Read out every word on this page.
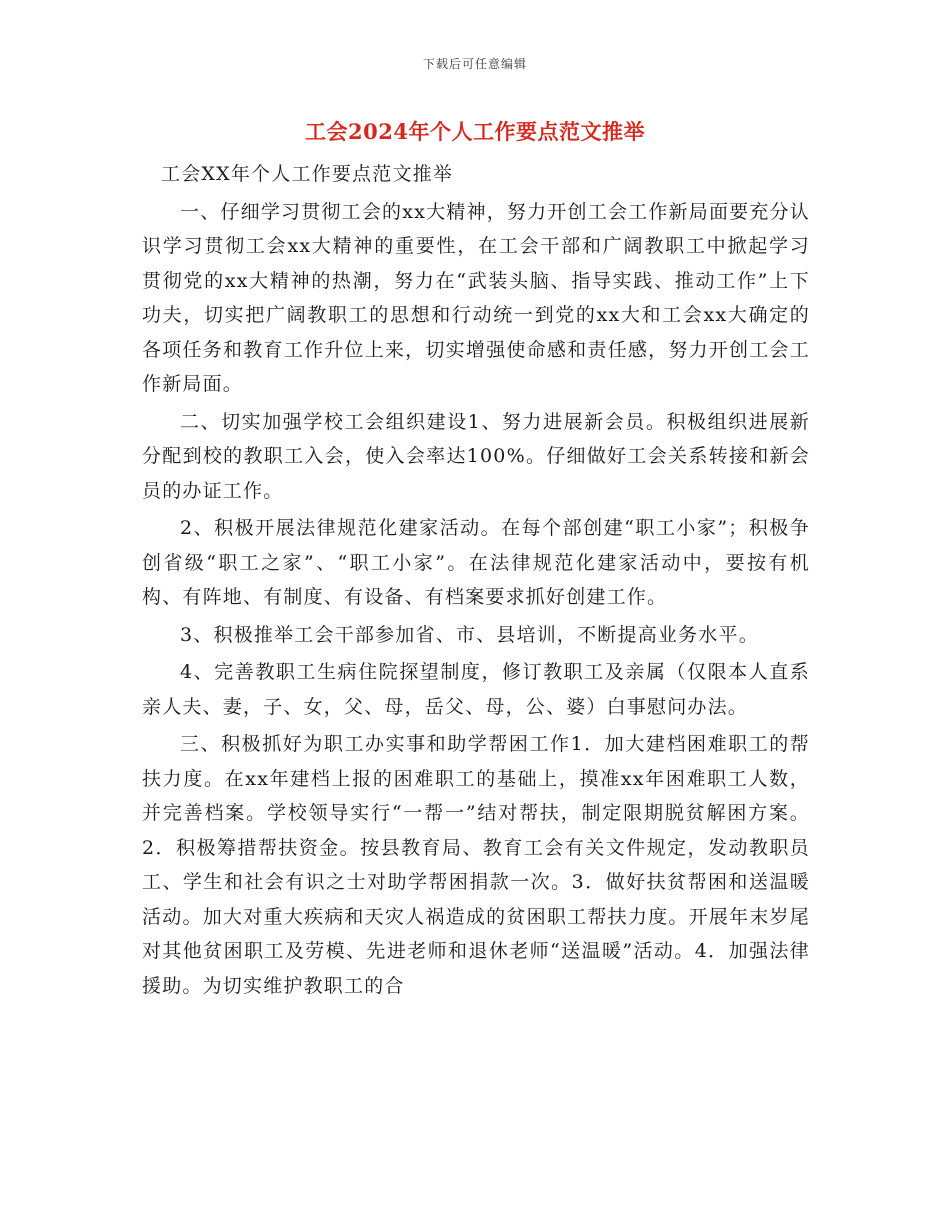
下载后可任意编辑
工会2024年个人工作要点范文推举

工会XX年个人工作要点范文推举

一、仔细学习贯彻工会的xx大精神，努力开创工会工作新局面要充分认识学习贯彻工会xx大精神的重要性，在工会干部和广阔教职工中掀起学习贯彻党的xx大精神的热潮，努力在“武装头脑、指导实践、推动工作”上下功夫，切实把广阔教职工的思想和行动统一到党的xx大和工会xx大确定的各项任务和教育工作升位上来，切实增强使命感和责任感，努力开创工会工作新局面。

二、切实加强学校工会组织建设1、努力进展新会员。积极组织进展新分配到校的教职工入会，使入会率达100%。仔细做好工会关系转接和新会员的办证工作。

2、积极开展法律规范化建家活动。在每个部创建“职工小家”；积极争创省级“职工之家”、“职工小家”。在法律规范化建家活动中，要按有机构、有阵地、有制度、有设备、有档案要求抓好创建工作。

3、积极推举工会干部参加省、市、县培训，不断提高业务水平。

4、完善教职工生病住院探望制度，修订教职工及亲属（仅限本人直系亲人夫、妻，子、女，父、母，岳父、母，公、婆）白事慰问办法。

三、积极抓好为职工办实事和助学帮困工作1．加大建档困难职工的帮扶力度。在xx年建档上报的困难职工的基础上，摸准xx年困难职工人数，并完善档案。学校领导实行“一帮一”结对帮扶，制定限期脱贫解困方案。2．积极筹措帮扶资金。按县教育局、教育工会有关文件规定，发动教职员工、学生和社会有识之士对助学帮困捐款一次。3．做好扶贫帮困和送温暖活动。加大对重大疾病和天灾人祸造成的贫困职工帮扶力度。开展年末岁尾对其他贫困职工及劳模、先进老师和退休老师“送温暖”活动。4．加强法律援助。为切实维护教职工的合
